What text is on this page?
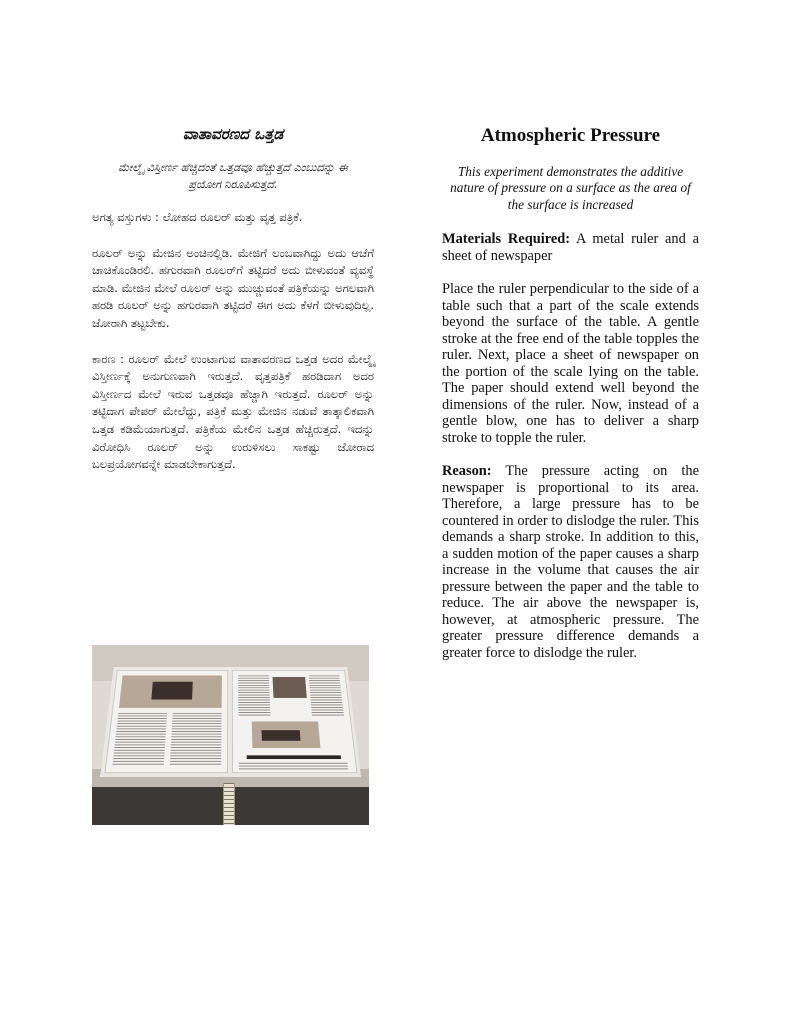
ವಾತಾವರಣದ ಒತ್ತಡ

ಮೇಲ್ಮೈ ವಿಸ್ತೀರ್ಣ ಹೆಚ್ಚಿದಂತೆ ಒತ್ತಡವೂ ಹೆಚ್ಚುತ್ತದೆ ಎಂಬುದನ್ನು ಈ ಪ್ರಯೋಗ ನಿರೂಪಿಸುತ್ತದೆ.

ಅಗತ್ಯ ವಸ್ತುಗಳು : ಲೋಹದ ರೂಲರ್ ಮತ್ತು ವೃತ್ತ ಪತ್ರಿಕೆ.

ರೂಲರ್ ಅನ್ನು ಮೇಜಿನ ಅಂಚಿನಲ್ಲಿಡಿ. ಮೇಜಿಗೆ ಲಂಬವಾಗಿದ್ದು ಅದು ಆಚೆಗೆ ಚಾಚಿಕೊಂಡಿರಲಿ. ಹಗುರವಾಗಿ ರೂಲರ್‌ಗೆ ತಟ್ಟಿದರೆ ಅದು ಬೀಳುವಂತೆ ವ್ಯವಸ್ಥೆ ಮಾಡಿ. ಮೇಜಿನ ಮೇಲೆ ರೂಲರ್ ಅನ್ನು ಮುಚ್ಚುವಂತೆ ಪತ್ರಿಕೆಯನ್ನು ಅಗಲವಾಗಿ ಹರಡಿ ರೂಲರ್ ಅನ್ನು ಹಗುರವಾಗಿ ತಟ್ಟಿದರೆ ಈಗ ಅದು ಕೆಳಗೆ ಬೀಳುವುದಿಲ್ಲ. ಜೋರಾಗಿ ತಟ್ಟಬೇಕು.

ಕಾರಣ : ರೂಲರ್ ಮೇಲೆ ಉಂಟಾಗುವ ವಾತಾವರಣದ ಒತ್ತಡ ಅದರ ಮೇಲ್ಮೈ ವಿಸ್ತೀರ್ಣಕ್ಕೆ ಅನುಗುಣವಾಗಿ ಇರುತ್ತದೆ. ವೃತ್ತಪತ್ರಿಕೆ ಹರಡಿದಾಗ ಅದರ ವಿಸ್ತೀರ್ಣದ ಮೇಲೆ ಇರುವ ಒತ್ತಡವೂ ಹೆಚ್ಚಾಗಿ ಇರುತ್ತದೆ. ರೂಲರ್ ಅನ್ನು ತಟ್ಟಿದಾಗ ಪೇಪರ್ ಮೇಲೆದ್ದು, ಪತ್ರಿಕೆ ಮತ್ತು ಮೇಜಿನ ನಡುವೆ ತಾತ್ಕಾಲಿಕವಾಗಿ ಒತ್ತಡ ಕಡಿಮೆಯಾಗುತ್ತದೆ. ಪತ್ರಿಕೆಯ ಮೇಲಿನ ಒತ್ತಡ ಹೆಚ್ಚಿರುತ್ತದೆ. ಇದನ್ನು ವಿರೋಧಿಸಿ ರೂಲರ್ ಅನ್ನು ಉರುಳಿಸಲು ಸಾಕಷ್ಟು ಜೋರಾದ ಬಲಪ್ರಯೋಗವನ್ನೇ ಮಾಡಬೇಕಾಗುತ್ತದೆ.

Atmospheric Pressure

This experiment demonstrates the additive nature of pressure on a surface as the area of the surface is increased

Materials Required: A metal ruler and a sheet of newspaper

Place the ruler perpendicular to the side of a table such that a part of the scale extends beyond the surface of the table. A gentle stroke at the free end of the table topples the ruler. Next, place a sheet of newspaper on the portion of the scale lying on the table. The paper should extend well beyond the dimensions of the ruler. Now, instead of a gentle blow, one has to deliver a sharp stroke to topple the ruler.

Reason: The pressure acting on the newspaper is proportional to its area. Therefore, a large pressure has to be countered in order to dislodge the ruler. This demands a sharp stroke. In addition to this, a sudden motion of the paper causes a sharp increase in the volume that causes the air pressure between the paper and the table to reduce. The air above the newspaper is, however, at atmospheric pressure. The greater pressure difference demands a greater force to dislodge the ruler.
